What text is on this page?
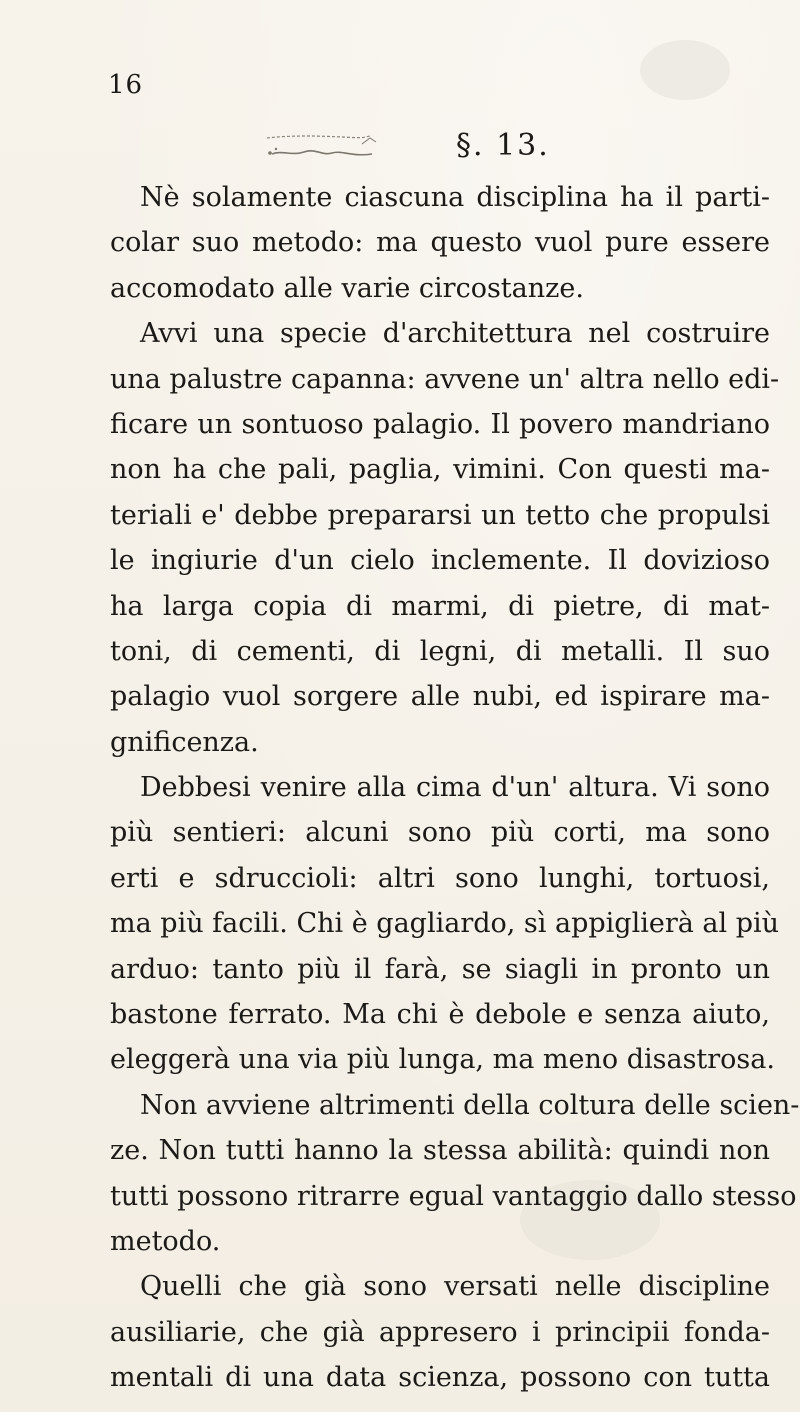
16
§. 13.
Nè solamente ciascuna disciplina ha il parti-
colar suo metodo: ma questo vuol pure essere
accomodato alle varie circostanze.
Avvi una specie d'architettura nel costruire
una palustre capanna: avvene un' altra nello edi-
ficare un sontuoso palagio. Il povero mandriano
non ha che pali, paglia, vimini. Con questi ma-
teriali e' debbe prepararsi un tetto che propulsi
le ingiurie d'un cielo inclemente. Il dovizioso
ha larga copia di marmi, di pietre, di mat-
toni, di cementi, di legni, di metalli. Il suo
palagio vuol sorgere alle nubi, ed ispirare ma-
gnificenza.
Debbesi venire alla cima d'un' altura. Vi sono
più sentieri: alcuni sono più corti, ma sono
erti e sdruccioli: altri sono lunghi, tortuosi,
ma più facili. Chi è gagliardo, sì appiglierà al più
arduo: tanto più il farà, se siagli in pronto un
bastone ferrato. Ma chi è debole e senza aiuto,
eleggerà una via più lunga, ma meno disastrosa.
Non avviene altrimenti della coltura delle scien-
ze. Non tutti hanno la stessa abilità: quindi non
tutti possono ritrarre egual vantaggio dallo stesso
metodo.
Quelli che già sono versati nelle discipline
ausiliarie, che già appresero i principii fonda-
mentali di una data scienza, possono con tutta
